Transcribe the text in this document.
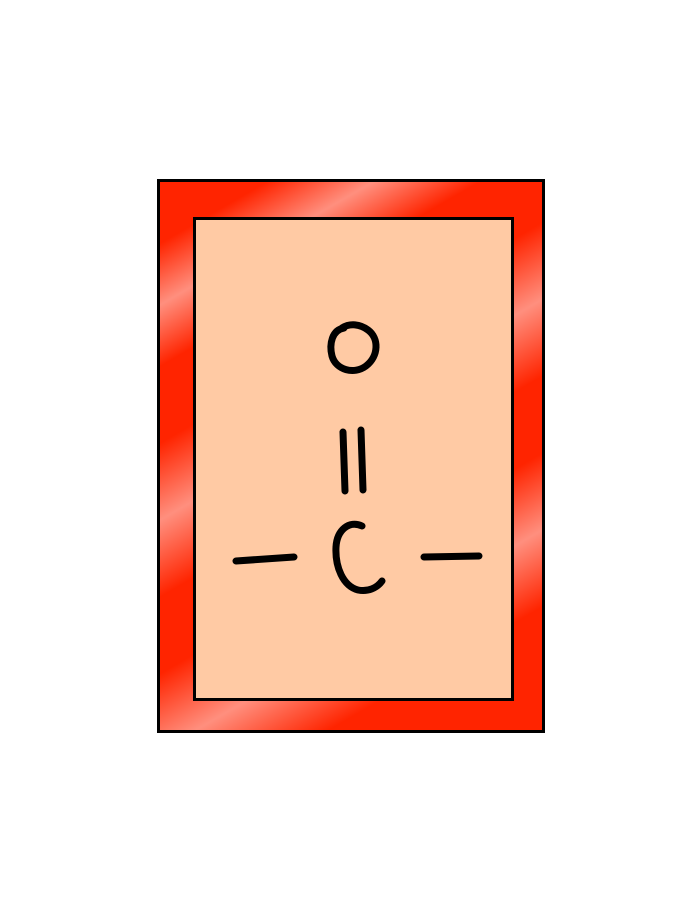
O
C
